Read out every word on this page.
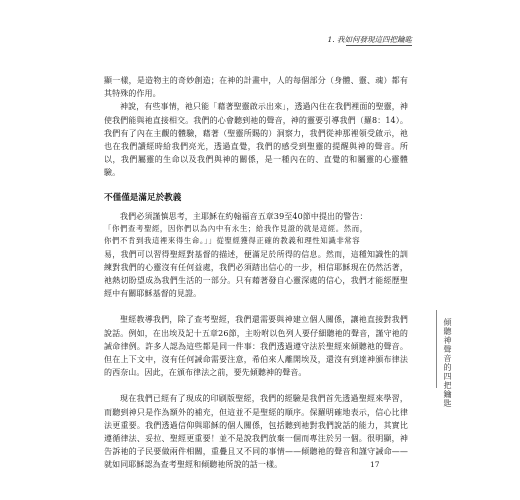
1. 我如何發現這四把鑰匙

顯一樣，是造物主的奇妙創造；在神的計畫中，人的每個部分（身體、靈、魂）都有其特殊的作用。

神說，有些事情，祂只能「藉著聖靈啟示出來」，透過內住在我們裡面的聖靈，神使我們能與祂直接相交。我們的心會聽到祂的聲音，神的靈要引導我們（羅8：14）。我們有了內在主觀的體驗，藉著（聖靈所賜的）洞察力，我們從神那裡領受啟示，祂也在我們讀經時給我們亮光，透過直覺，我們的感受到聖靈的提醒與神的聲音。所以，我們屬靈的生命以及我們與神的關係，是一種內在的、直覺的和屬靈的心靈體驗。

不僅僅是滿足於教義

我們必須謹慎思考，主耶穌在約翰福音五章39至40節中提出的警告：

「你們查考聖經，因你們以為內中有永生；給我作見證的就是這經。然而，
你們不肯到我這裡來得生命。」」從聖經獲得正確的教義和理性知識非常容

易，我們可以習得聖經對基督的描述，便滿足於所得的信息。然而，這種知識性的訓練對我們的心靈沒有任何益處，我們必須踏出信心的一步，相信耶穌現在仍然活著，祂熱切盼望成為我們生活的一部分。只有藉著發自心靈深處的信心，我們才能經歷聖經中有關耶穌基督的見證。

聖經教導我們，除了查考聖經，我們還需要與神建立個人關係，讓祂直接對我們說話。例如，在出埃及記十五章26節，主吩咐以色列人要仔細聽祂的聲音，謹守祂的誡命律例。許多人認為這些都是同一件事：我們透過遵守法於聖經來傾聽祂的聲音。但在上下文中，沒有任何誡命需要注意，希伯來人離開埃及，還沒有到達神頒布律法的西奈山。因此，在頒布律法之前，要先傾聽神的聲音。

現在我們已經有了現成的印刷版聖經，我們的經驗是我們首先透過聖經來學習，而聽到神只是作為額外的補充，但這並不是聖經的順序。保羅明確地表示，信心比律法更重要。我們透過信仰與耶穌的個人關係，包括聽到祂對我們說話的能力，其實比遵循律法、妥拉、聖經更重要！並不是說我們放棄一個而專注於另一個。很明顯，神告訴祂的子民要做兩件相關，重疊且又不同的事情——傾聽祂的聲音和謹守誡命——就如同耶穌認為查考聖經和傾聽祂所說的話一樣。

傾聽神聲音的四把鑰匙
17
